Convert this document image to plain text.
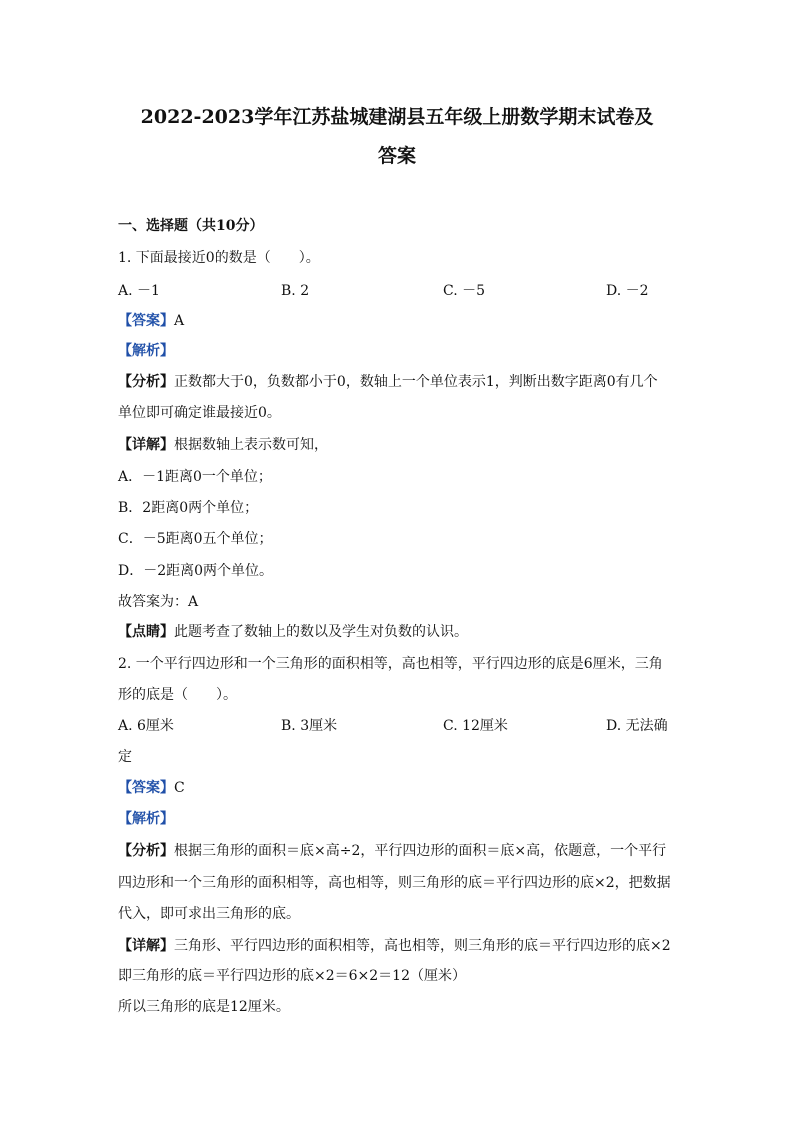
2022-2023学年江苏盐城建湖县五年级上册数学期末试卷及
答案
一、选择题（共10分）
1. 下面最接近0的数是（　　）。
A. －1	B. 2	C. －5	D. －2
【答案】A
【解析】
【分析】正数都大于0，负数都小于0，数轴上一个单位表示1，判断出数字距离0有几个
单位即可确定谁最接近0。
【详解】根据数轴上表示数可知，
A．－1距离0一个单位；
B．2距离0两个单位；
C．－5距离0五个单位；
D．－2距离0两个单位。
故答案为：A
【点睛】此题考查了数轴上的数以及学生对负数的认识。
2. 一个平行四边形和一个三角形的面积相等，高也相等，平行四边形的底是6厘米，三角
形的底是（　　）。
A. 6厘米	B. 3厘米	C. 12厘米	D. 无法确
定
【答案】C
【解析】
【分析】根据三角形的面积＝底×高÷2，平行四边形的面积＝底×高，依题意，一个平行
四边形和一个三角形的面积相等，高也相等，则三角形的底＝平行四边形的底×2，把数据
代入，即可求出三角形的底。
【详解】三角形、平行四边形的面积相等，高也相等，则三角形的底＝平行四边形的底×2
即三角形的底＝平行四边形的底×2＝6×2＝12（厘米）
所以三角形的底是12厘米。
